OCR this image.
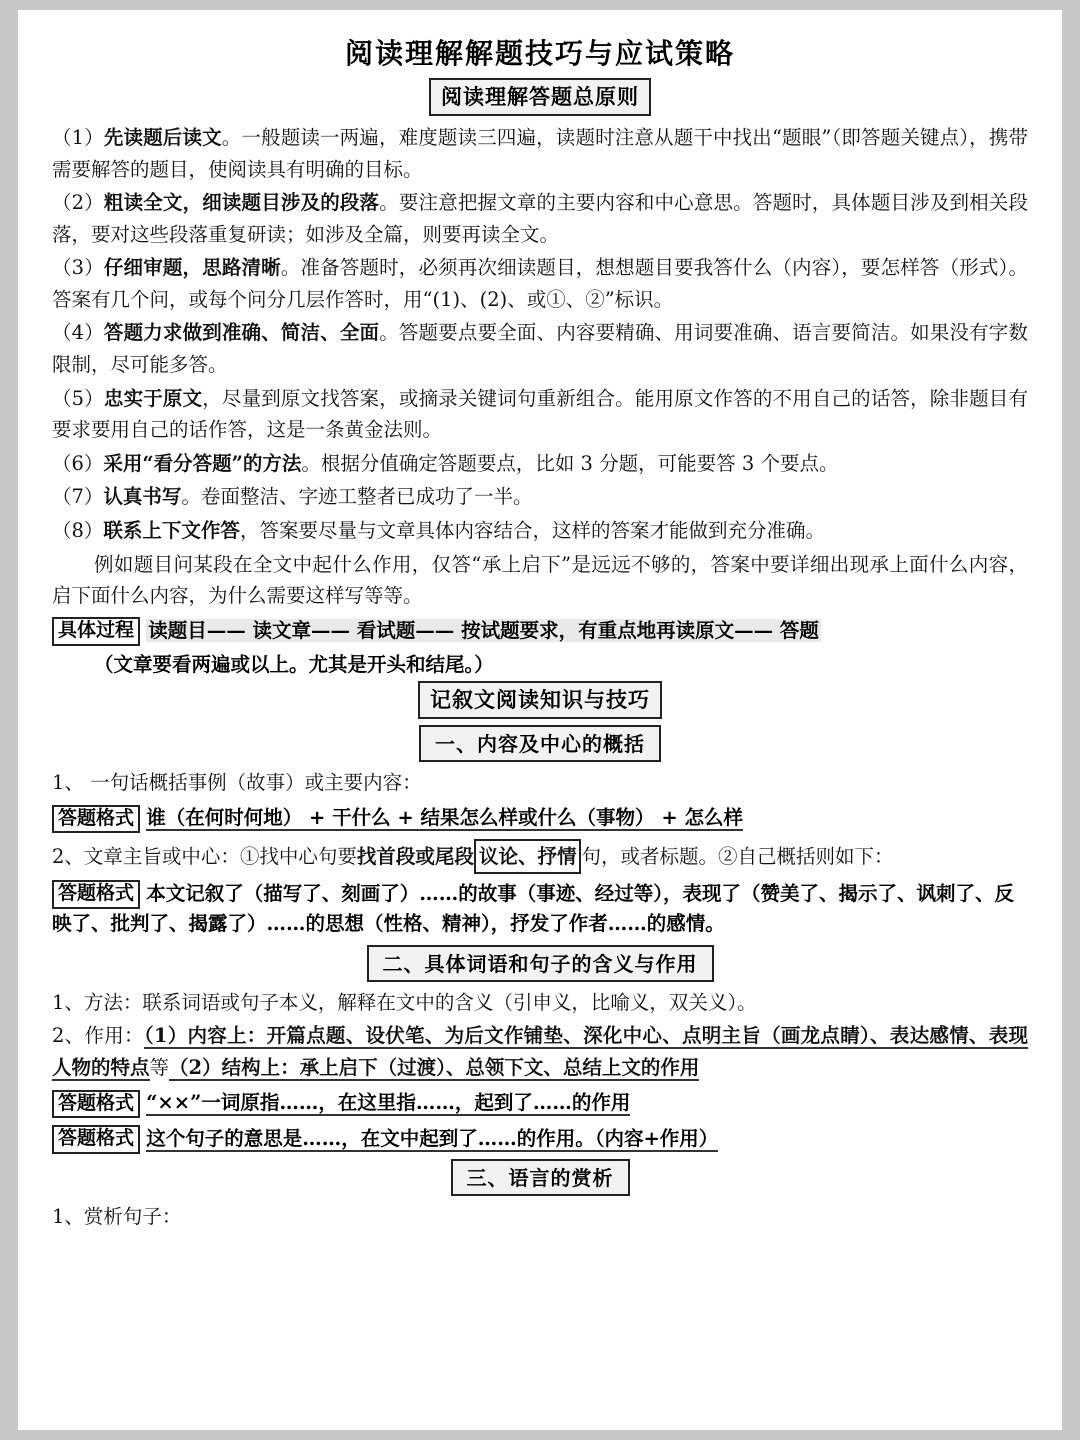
阅读理解解题技巧与应试策略
阅读理解答题总原则

（1）先读题后读文。一般题读一两遍，难度题读三四遍，读题时注意从题干中找出“题眼”（即答题关键点），携带需要解答的题目，使阅读具有明确的目标。

（2）粗读全文，细读题目涉及的段落。要注意把握文章的主要内容和中心意思。答题时，具体题目涉及到相关段落，要对这些段落重复研读；如涉及全篇，则要再读全文。

（3）仔细审题，思路清晰。准备答题时，必须再次细读题目，想想题目要我答什么（内容），要怎样答（形式）。答案有几个问，或每个问分几层作答时，用“(1)、(2)、或①、②”标识。

（4）答题力求做到准确、简洁、全面。答题要点要全面、内容要精确、用词要准确、语言要简洁。如果没有字数限制，尽可能多答。

（5）忠实于原文，尽量到原文找答案，或摘录关键词句重新组合。能用原文作答的不用自己的话答，除非题目有要求要用自己的话作答，这是一条黄金法则。

（6）采用“看分答题”的方法。根据分值确定答题要点，比如 3 分题，可能要答 3 个要点。

（7）认真书写。卷面整洁、字迹工整者已成功了一半。

（8）联系上下文作答，答案要尽量与文章具体内容结合，这样的答案才能做到充分准确。

例如题目问某段在全文中起什么作用，仅答“承上启下”是远远不够的，答案中要详细出现承上面什么内容，启下面什么内容，为什么需要这样写等等。

具体过程 读题目—— 读文章—— 看试题—— 按试题要求，有重点地再读原文—— 答题
（文章要看两遍或以上。尤其是开头和结尾。）
记叙文阅读知识与技巧
一、内容及中心的概括

1、 一句话概括事例（故事）或主要内容：

答题格式 谁（在何时何地） + 干什么 + 结果怎么样或什么（事物） + 怎么样

2、文章主旨或中心：①找中心句要找首段或尾段 议论、抒情 句，或者标题。②自己概括则如下：

答题格式 本文记叙了（描写了、刻画了）……的故事（事迹、经过等），表现了（赞美了、揭示了、讽刺了、反映了、批判了、揭露了）……的思想（性格、精神），抒发了作者……的感情。
二、具体词语和句子的含义与作用

1、方法：联系词语或句子本义，解释在文中的含义（引申义，比喻义，双关义）。

2、作用：（1）内容上：开篇点题、设伏笔、为后文作铺垫、深化中心、点明主旨（画龙点睛）、表达感情、表现人物的特点等（2）结构上：承上启下（过渡）、总领下文、总结上文的作用

答题格式 “××”一词原指……，在这里指……，起到了……的作用
答题格式 这个句子的意思是……，在文中起到了……的作用。（内容+作用）
三、语言的赏析

1、赏析句子：
